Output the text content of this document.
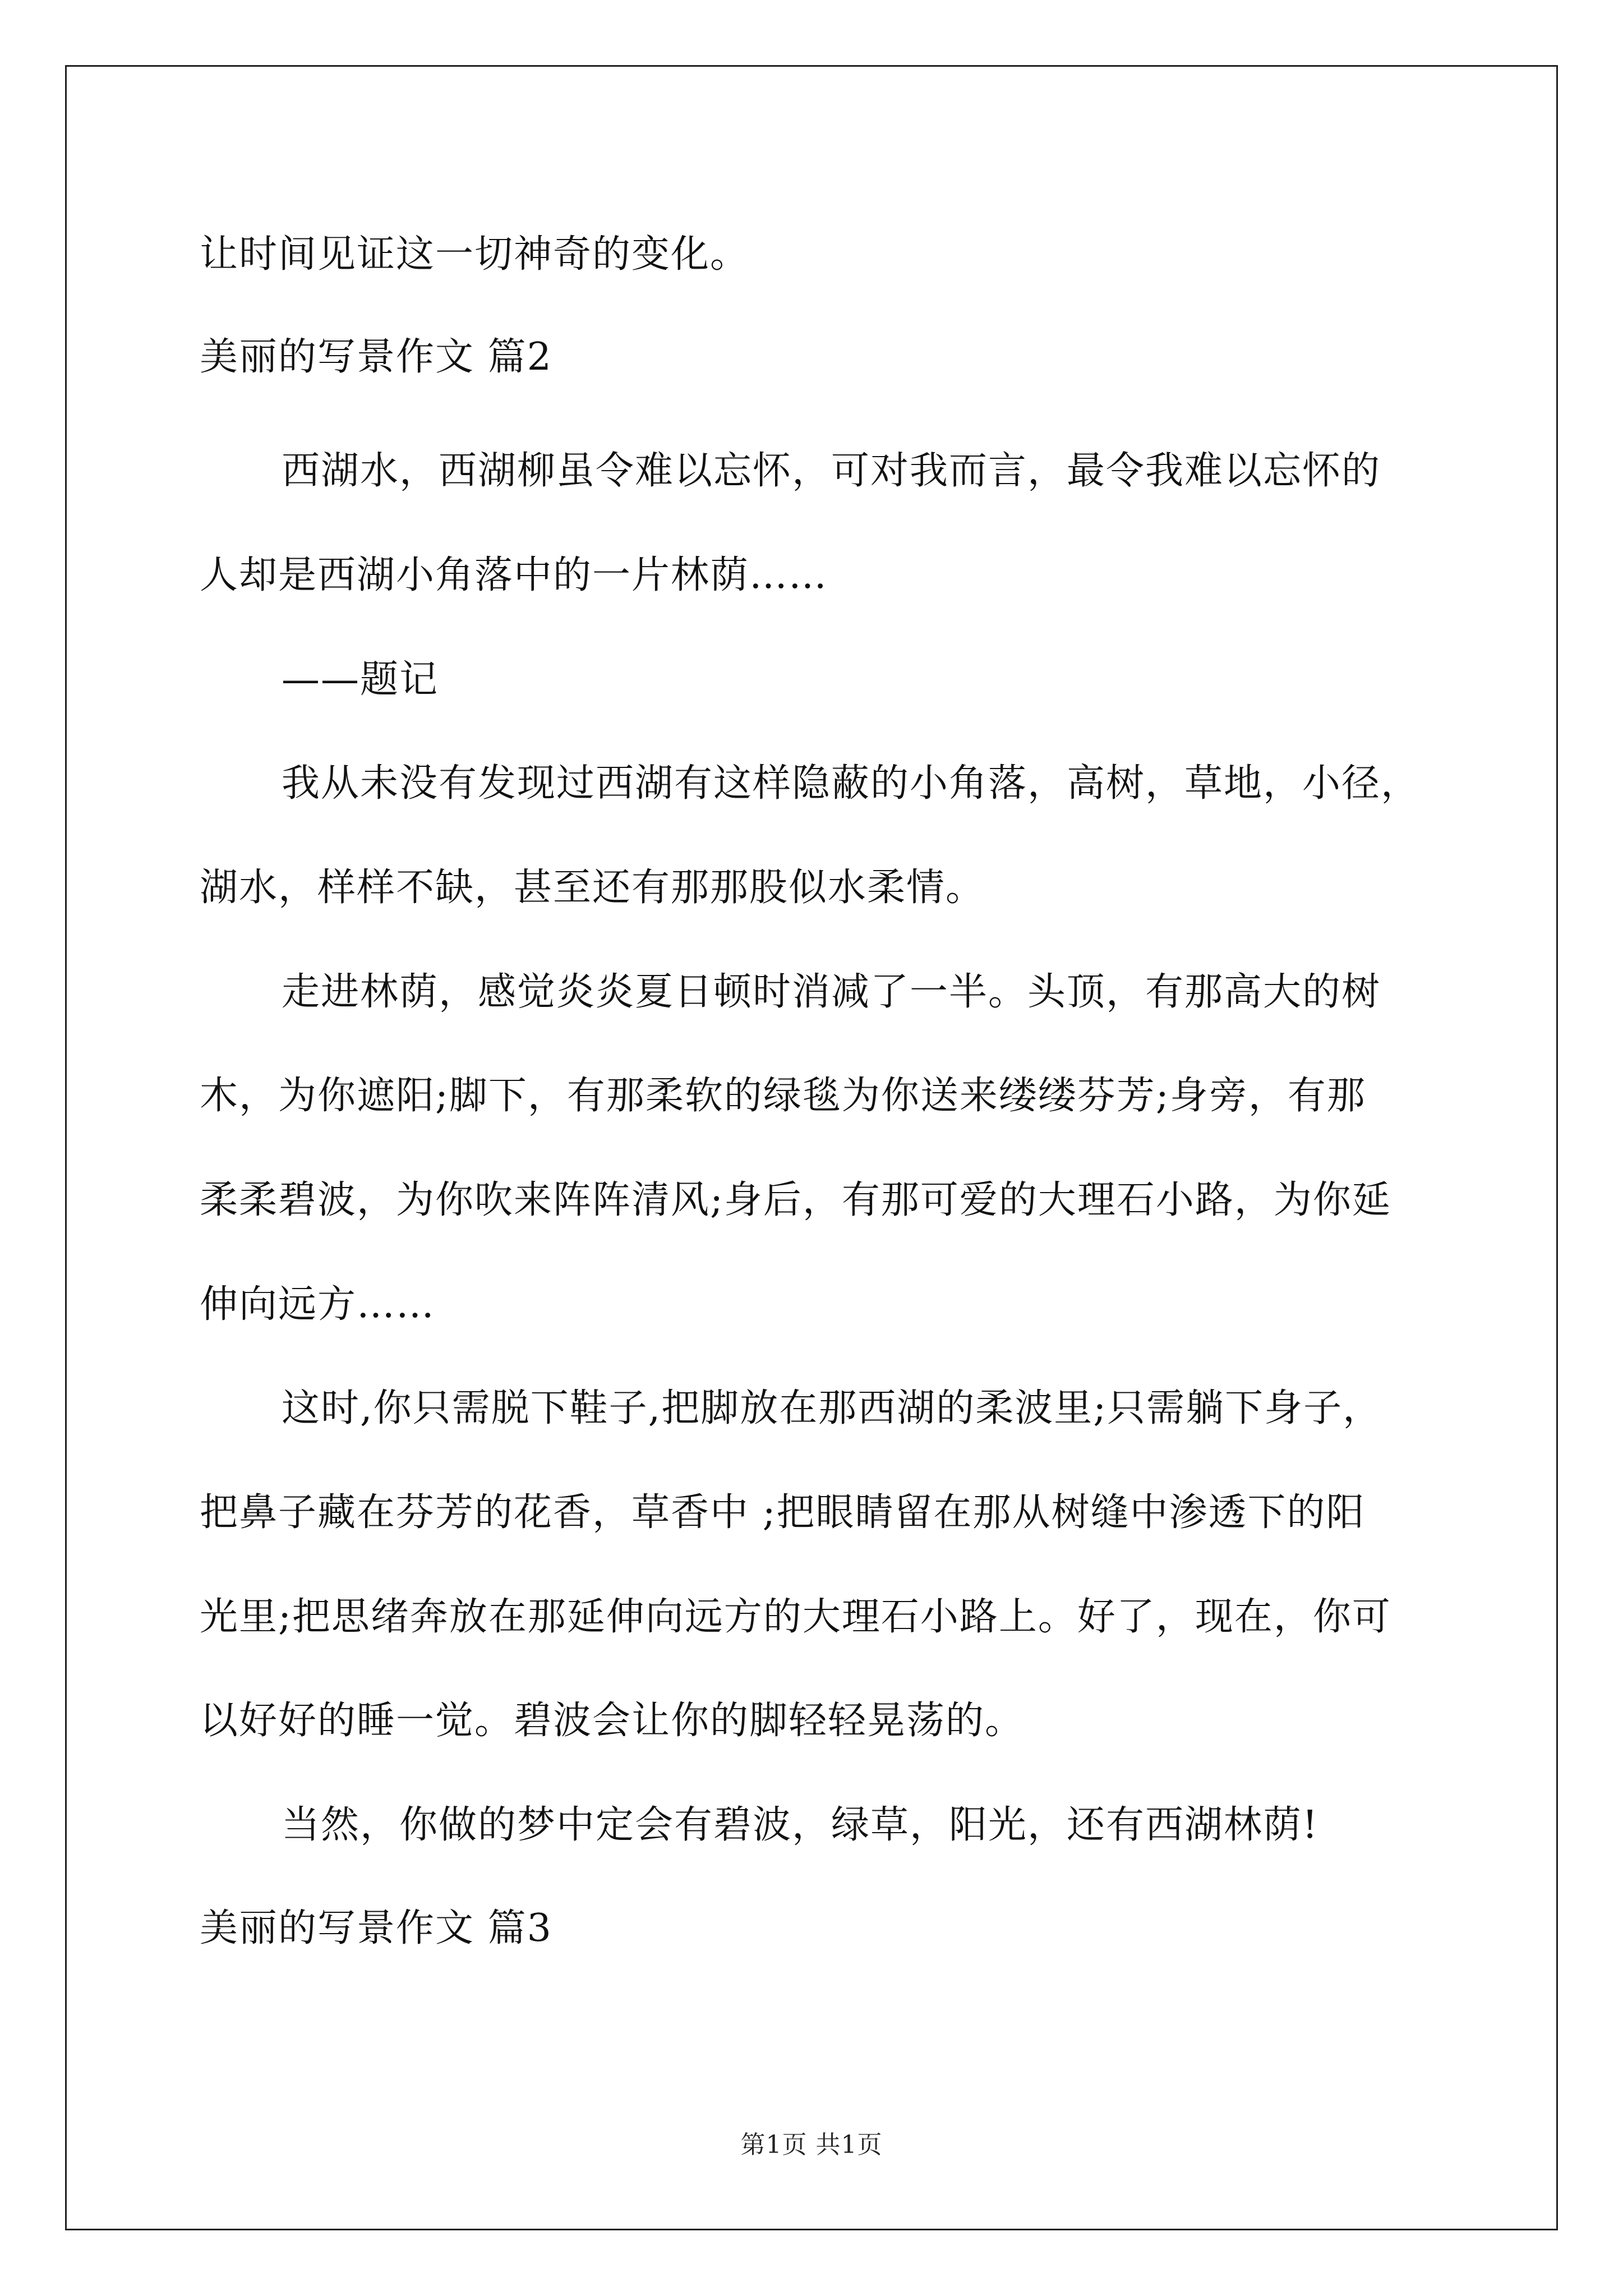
让时间见证这一切神奇的变化。
美丽的写景作文 篇2
西湖水，西湖柳虽令难以忘怀，可对我而言，最令我难以忘怀的
人却是西湖小角落中的一片林荫……
——题记
我从未没有发现过西湖有这样隐蔽的小角落，高树，草地，小径，
湖水，样样不缺，甚至还有那那股似水柔情。
走进林荫，感觉炎炎夏日顿时消减了一半。头顶，有那高大的树
木，为你遮阳;脚下，有那柔软的绿毯为你送来缕缕芬芳;身旁，有那
柔柔碧波，为你吹来阵阵清风;身后，有那可爱的大理石小路，为你延
伸向远方……
这时,你只需脱下鞋子,把脚放在那西湖的柔波里;只需躺下身子，
把鼻子藏在芬芳的花香，草香中 ;把眼睛留在那从树缝中渗透下的阳
光里;把思绪奔放在那延伸向远方的大理石小路上。好了，现在，你可
以好好的睡一觉。碧波会让你的脚轻轻晃荡的。
当然，你做的梦中定会有碧波，绿草，阳光，还有西湖林荫!
美丽的写景作文 篇3
第1页 共1页
